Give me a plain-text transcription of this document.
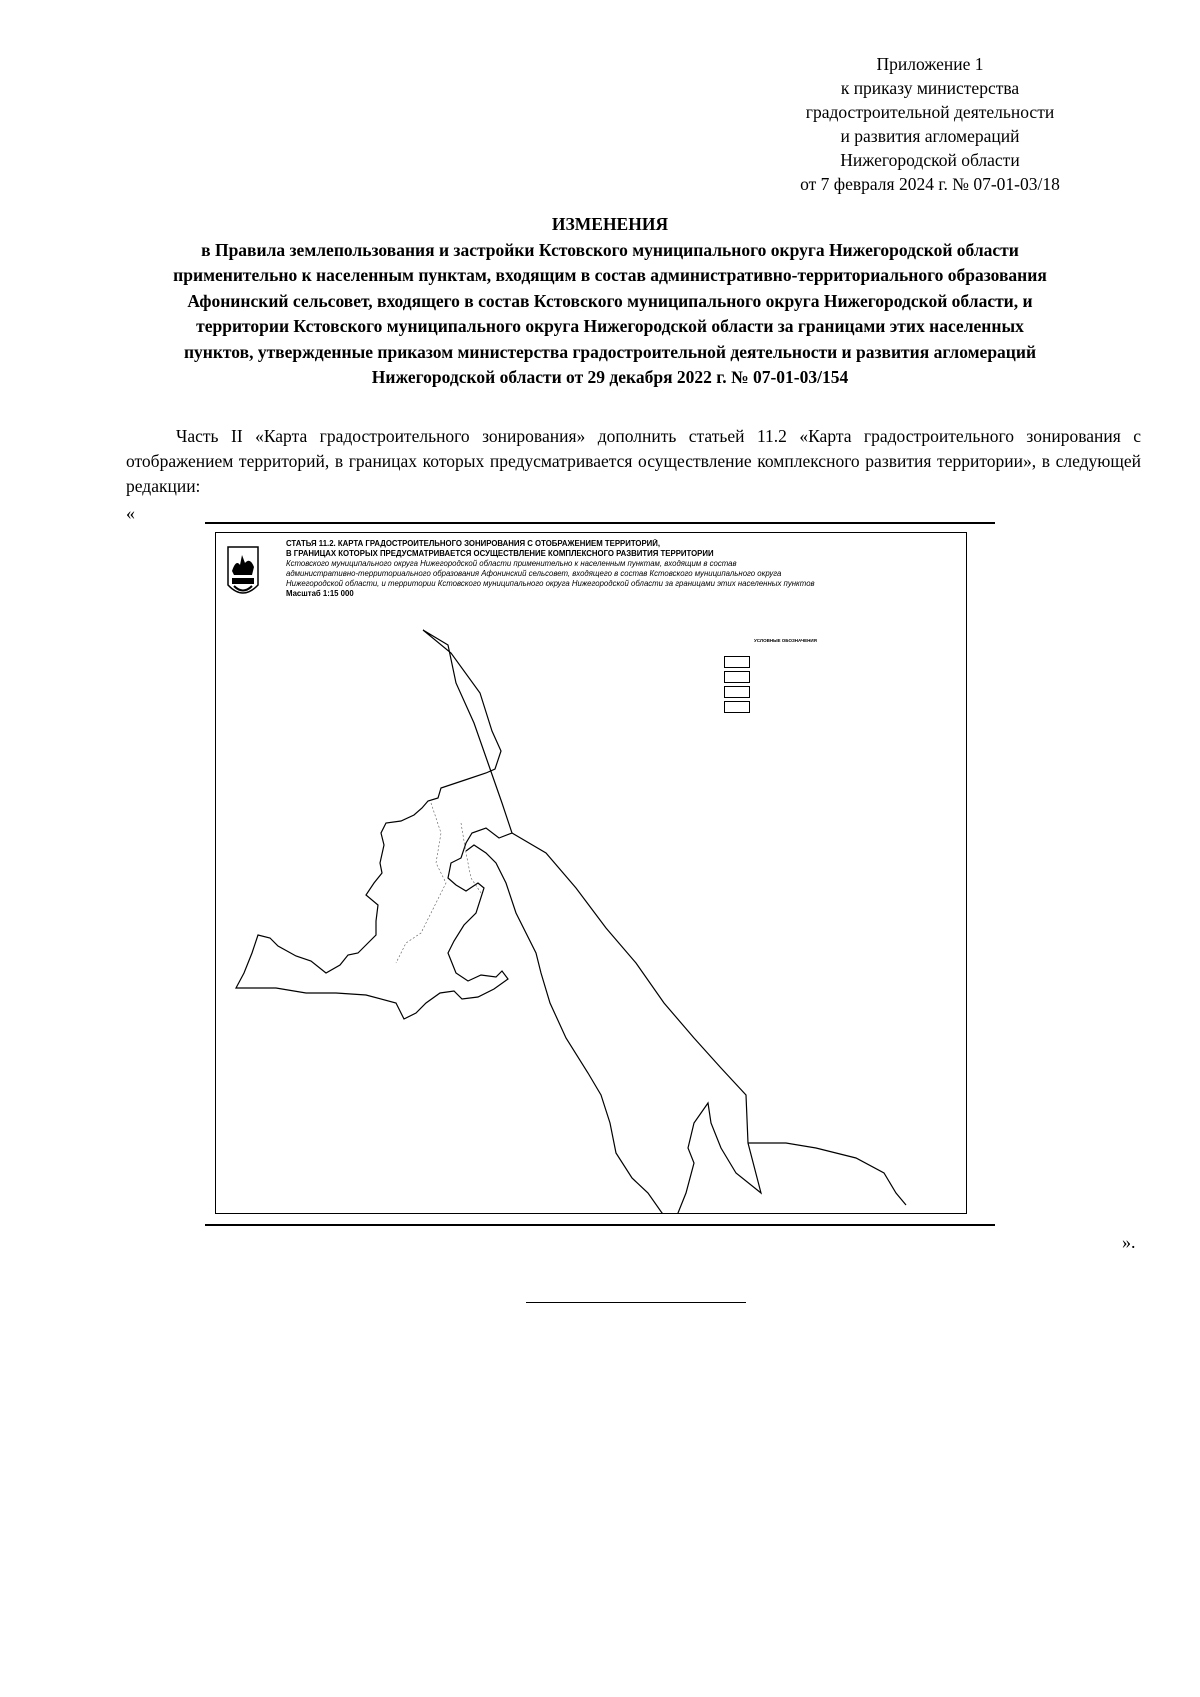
Приложение 1
к приказу министерства
градостроительной деятельности
и развития агломераций
Нижегородской области
от 7 февраля 2024 г. № 07-01-03/18
ИЗМЕНЕНИЯ
в Правила землепользования и застройки Кстовского муниципального округа Нижегородской области
применительно к населенным пунктам, входящим в состав административно-территориального образования
Афонинский сельсовет, входящего в состав Кстовского муниципального округа Нижегородской области, и
территории Кстовского муниципального округа Нижегородской области за границами этих населенных
пунктов, утвержденные приказом министерства градостроительной деятельности и развития агломераций
Нижегородской области от 29 декабря 2022 г. № 07-01-03/154
Часть II «Карта градостроительного зонирования» дополнить статьей 11.2 «Карта градостроительного зонирования с отображением территорий, в границах которых предусматривается осуществление комплексного развития территории», в следующей редакции:
«
СТАТЬЯ 11.2. КАРТА ГРАДОСТРОИТЕЛЬНОГО ЗОНИРОВАНИЯ С ОТОБРАЖЕНИЕМ ТЕРРИТОРИЙ,
В ГРАНИЦАХ КОТОРЫХ ПРЕДУСМАТРИВАЕТСЯ ОСУЩЕСТВЛЕНИЕ КОМПЛЕКСНОГО РАЗВИТИЯ ТЕРРИТОРИИ
Кстовского муниципального округа Нижегородской области применительно к населенным пунктам, входящим в состав
административно-территориального образования Афонинский сельсовет, входящего в состав Кстовского муниципального округа
Нижегородской области, и территории Кстовского муниципального округа Нижегородской области за границами этих населенных пунктов
Масштаб 1:15 000
УСЛОВНЫЕ ОБОЗНАЧЕНИЯ
».
